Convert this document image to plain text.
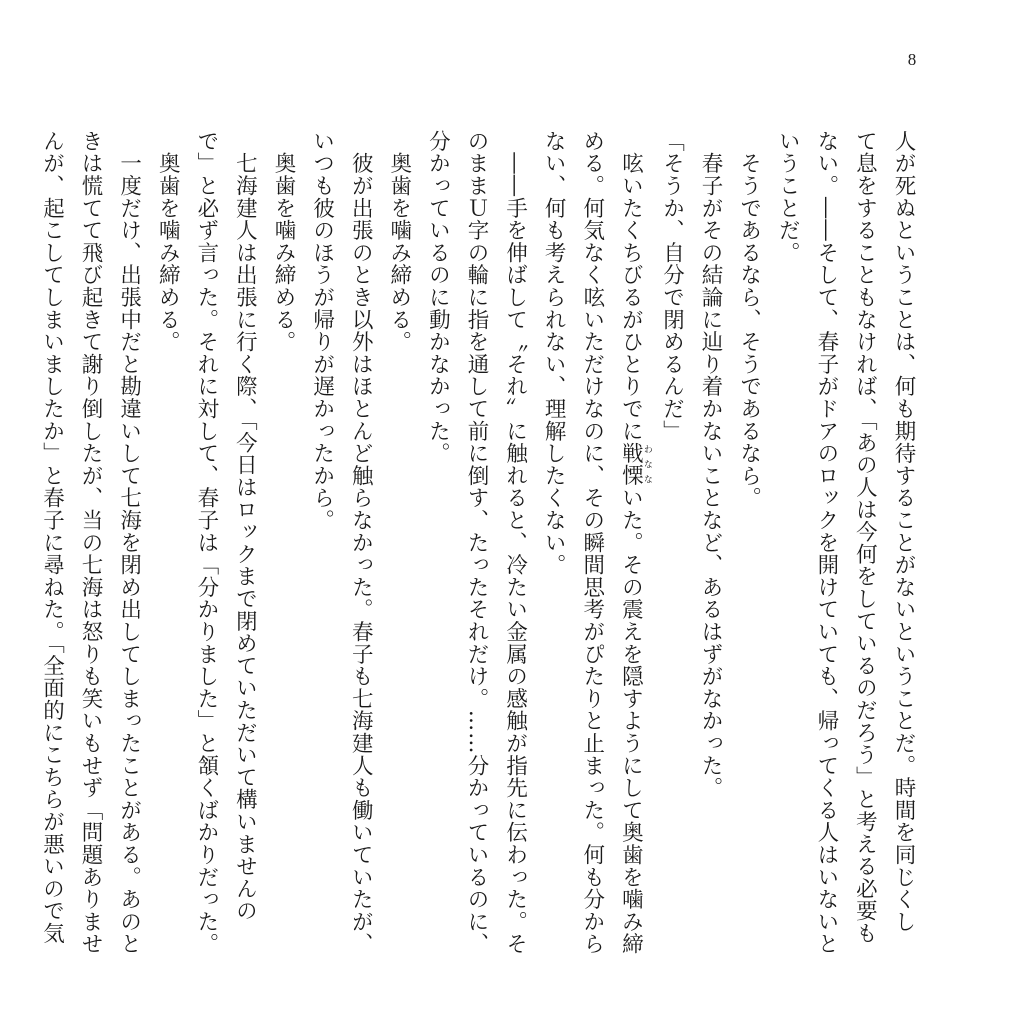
8
人が死ぬということは、何も期待することがないということだ。時間を同じくし
て息をすることもなければ、「あの人は今何をしているのだろう」と考える必要も
ない。――そして、春子がドアのロックを開けていても、帰ってくる人はいないと
いうことだ。
　そうであるなら、そうであるなら。
　春子がその結論に辿り着かないことなど、あるはずがなかった。
「そうか、自分で閉めるんだ」
　呟いたくちびるがひとりでに戦慄わなないた。その震えを隠すようにして奥歯を噛み締
める。何気なく呟いただけなのに、その瞬間思考がぴたりと止まった。何も分から
ない、何も考えられない、理解したくない。
　――手を伸ばして〝それ〟に触れると、冷たい金属の感触が指先に伝わった。そ
のままＵ字の輪に指を通して前に倒す、たったそれだけ。……分かっているのに、
分かっているのに動かなかった。
　奥歯を噛み締める。
　彼が出張のとき以外はほとんど触らなかった。春子も七海建人も働いていたが、
いつも彼のほうが帰りが遅かったから。
　奥歯を噛み締める。
　七海建人は出張に行く際、「今日はロックまで閉めていただいて構いませんの
で」と必ず言った。それに対して、春子は「分かりました」と頷くばかりだった。
　奥歯を噛み締める。
　一度だけ、出張中だと勘違いして七海を閉め出してしまったことがある。あのと
きは慌てて飛び起きて謝り倒したが、当の七海は怒りも笑いもせず「問題ありませ
んが、起こしてしまいましたか」と春子に尋ねた。「全面的にこちらが悪いので気
